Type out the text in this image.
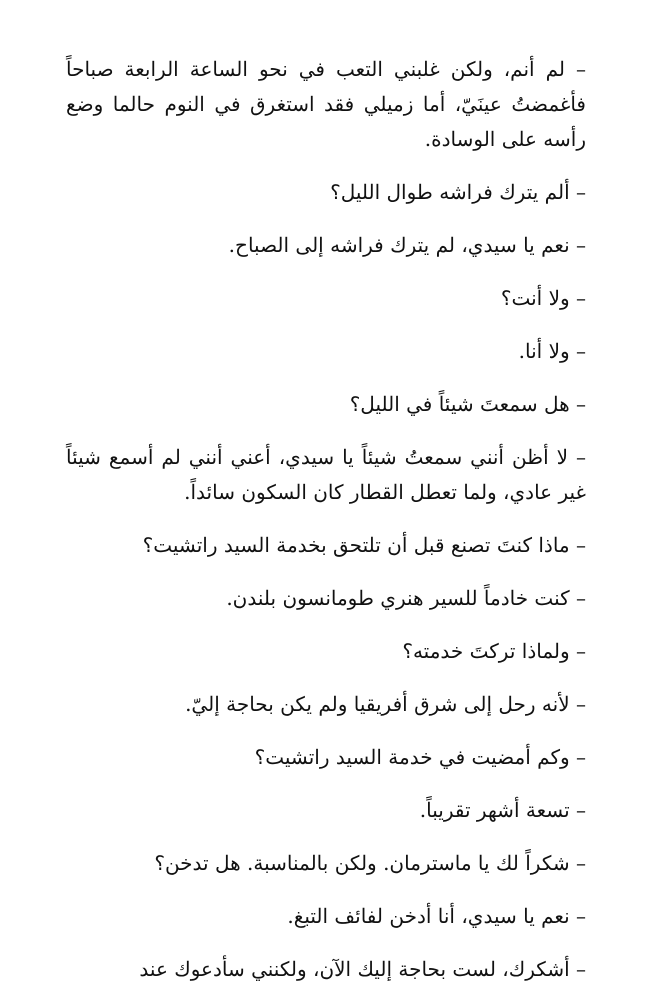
– لم أنم، ولكن غلبني التعب في نحو الساعة الرابعة صباحاً فأغمضتُ عينَيّ، أما زميلي فقد استغرق في النوم حالما وضع رأسه على الوسادة.

– ألم يترك فراشه طوال الليل؟

– نعم يا سيدي، لم يترك فراشه إلى الصباح.

– ولا أنت؟

– ولا أنا.

– هل سمعتَ شيئاً في الليل؟

– لا أظن أنني سمعتُ شيئاً يا سيدي، أعني أنني لم أسمع شيئاً غير عادي، ولما تعطل القطار كان السكون سائداً.

– ماذا كنتَ تصنع قبل أن تلتحق بخدمة السيد راتشيت؟

– كنت خادماً للسير هنري طومانسون بلندن.

– ولماذا تركتَ خدمته؟

– لأنه رحل إلى شرق أفريقيا ولم يكن بحاجة إليّ.

– وكم أمضيت في خدمة السيد راتشيت؟

– تسعة أشهر تقريباً.

– شكراً لك يا ماسترمان. ولكن بالمناسبة. هل تدخن؟

– نعم يا سيدي، أنا أدخن لفائف التبغ.

– أشكرك، لست بحاجة إليك الآن، ولكنني سأدعوك عند
